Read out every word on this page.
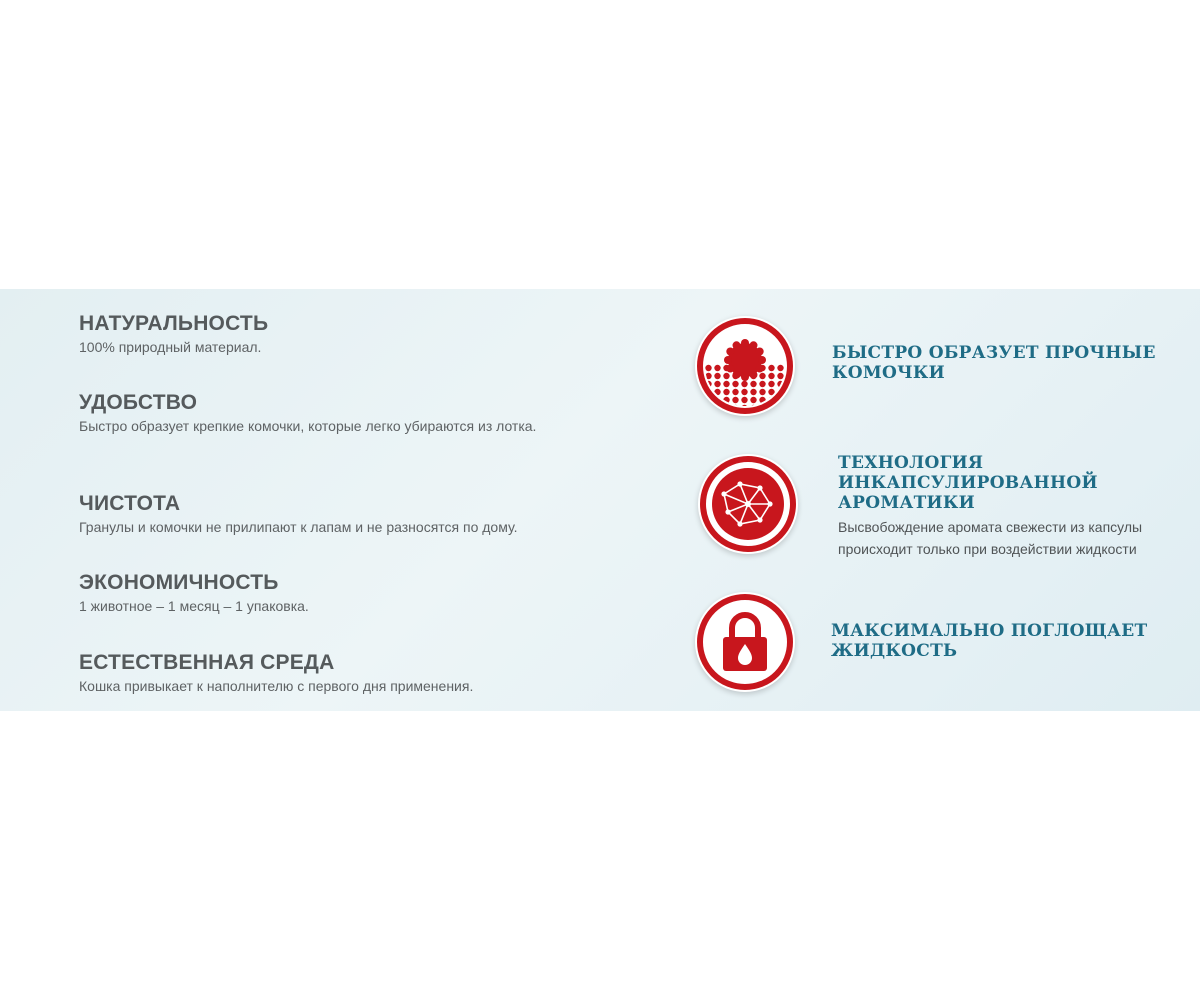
НАТУРАЛЬНОСТЬ
100% природный материал.
УДОБСТВО
Быстро образует крепкие комочки, которые легко убираются из лотка.
ЧИСТОТА
Гранулы и комочки не прилипают к лапам и не разносятся по дому.
ЭКОНОМИЧНОСТЬ
1 животное – 1 месяц – 1 упаковка.
ЕСТЕСТВЕННАЯ СРЕДА
Кошка привыкает к наполнителю с первого дня применения.
БЫСТРО ОБРАЗУЕТ ПРОЧНЫЕ
КОМОЧКИ
ТЕХНОЛОГИЯ
ИНКАПСУЛИРОВАННОЙ
АРОМАТИКИ
Высвобождение аромата свежести из капсулы
происходит только при воздействии жидкости
МАКСИМАЛЬНО ПОГЛОЩАЕТ
ЖИДКОСТЬ
